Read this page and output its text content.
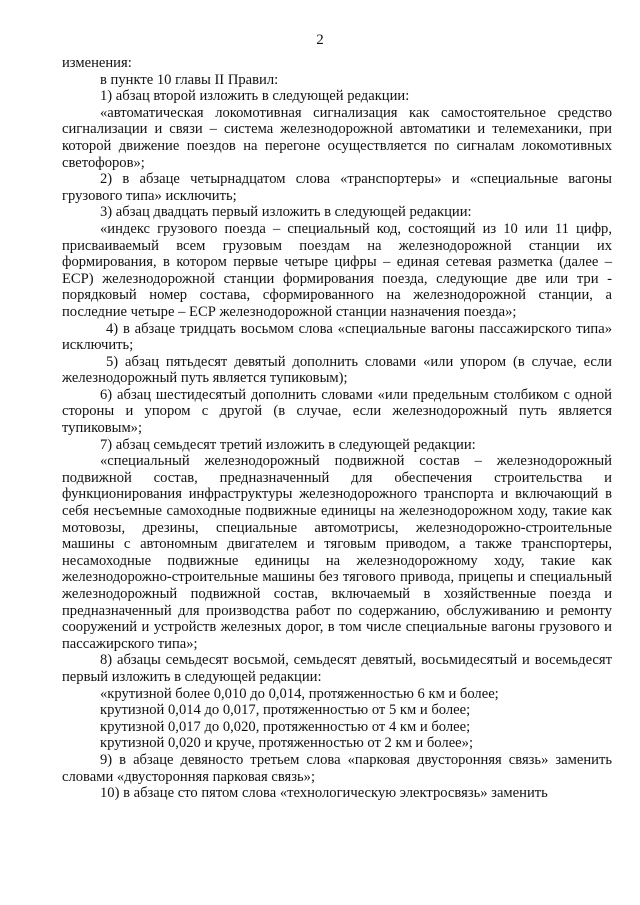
2

изменения:

в пункте 10 главы II Правил:

1) абзац второй изложить в следующей редакции:

«автоматическая локомотивная сигнализация как самостоятельное средство сигнализации и связи – система железнодорожной автоматики и телемеханики, при которой движение поездов на перегоне осуществляется по сигналам локомотивных светофоров»;

2) в абзаце четырнадцатом слова «транспортеры» и «специальные вагоны грузового типа» исключить;

3) абзац двадцать первый изложить в следующей редакции:

«индекс грузового поезда – специальный код, состоящий из 10 или 11 цифр, присваиваемый всем грузовым поездам на железнодорожной станции их формирования, в котором первые четыре цифры – единая сетевая разметка (далее – ЕСР) железнодорожной станции формирования поезда, следующие две или три - порядковый номер состава, сформированного на железнодорожной станции, а последние четыре – ЕСР железнодорожной станции назначения поезда»;

4) в абзаце тридцать восьмом слова «специальные вагоны пассажирского типа» исключить;

5) абзац пятьдесят девятый дополнить словами «или упором (в случае, если железнодорожный путь является тупиковым);

6) абзац шестидесятый дополнить словами «или предельным столбиком с одной стороны и упором с другой (в случае, если железнодорожный путь является тупиковым»;

7) абзац семьдесят третий изложить в следующей редакции:

«специальный железнодорожный подвижной состав – железнодорожный подвижной состав, предназначенный для обеспечения строительства и функционирования инфраструктуры железнодорожного транспорта и включающий в себя несъемные самоходные подвижные единицы на железнодорожном ходу, такие как мотовозы, дрезины, специальные автомотрисы, железнодорожно-строительные машины с автономным двигателем и тяговым приводом, а также транспортеры, несамоходные подвижные единицы на железнодорожному ходу, такие как железнодорожно-строительные машины без тягового привода, прицепы и специальный железнодорожный подвижной состав, включаемый в хозяйственные поезда и предназначенный для производства работ по содержанию, обслуживанию и ремонту сооружений и устройств железных дорог, в том числе специальные вагоны грузового и пассажирского типа»;

8) абзацы семьдесят восьмой, семьдесят девятый, восьмидесятый и восемьдесят первый изложить в следующей редакции:

«крутизной более 0,010 до 0,014, протяженностью 6 км и более;

крутизной 0,014 до 0,017, протяженностью от 5 км и более;

крутизной 0,017 до 0,020, протяженностью от 4 км и более;

крутизной 0,020 и круче, протяженностью от 2 км и более»;

9) в абзаце девяносто третьем слова «парковая двусторонняя связь» заменить словами «двусторонняя парковая связь»;

10) в абзаце сто пятом слова «технологическую электросвязь» заменить
